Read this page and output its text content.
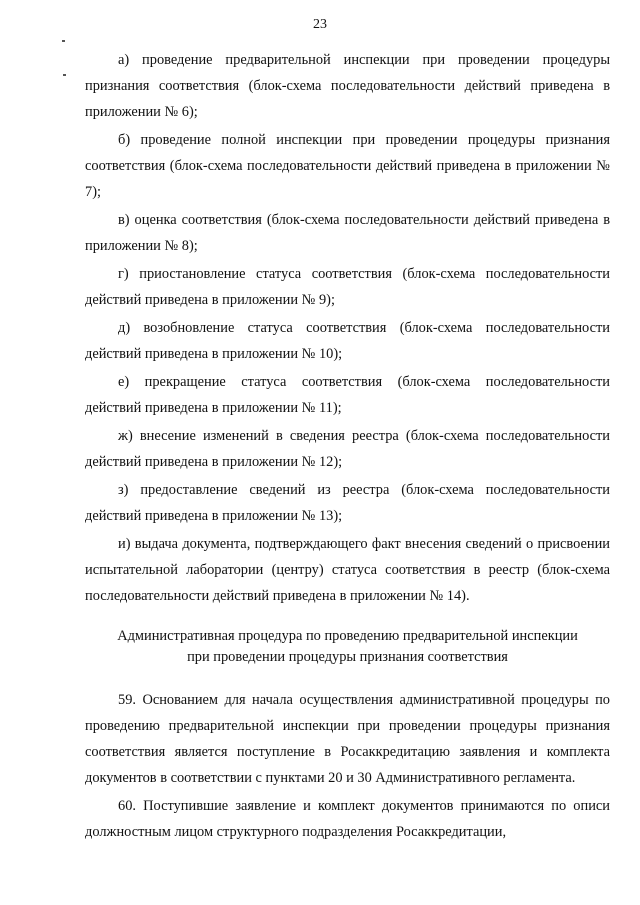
23

а) проведение предварительной инспекции при проведении процедуры признания соответствия (блок-схема последовательности действий приведена в приложении № 6);

б) проведение полной инспекции при проведении процедуры признания соответствия (блок-схема последовательности действий приведена в приложении № 7);

в) оценка соответствия (блок-схема последовательности действий приведена в приложении № 8);

г) приостановление статуса соответствия (блок-схема последовательности действий приведена в приложении № 9);

д) возобновление статуса соответствия (блок-схема последовательности действий приведена в приложении № 10);

е) прекращение статуса соответствия (блок-схема последовательности действий приведена в приложении № 11);

ж) внесение изменений в сведения реестра (блок-схема последовательности действий приведена в приложении № 12);

з) предоставление сведений из реестра (блок-схема последовательности действий приведена в приложении № 13);

и) выдача документа, подтверждающего факт внесения сведений о присвоении испытательной лаборатории (центру) статуса соответствия в реестр (блок-схема последовательности действий приведена в приложении № 14).

Административная процедура по проведению предварительной инспекции
при проведении процедуры признания соответствия

59. Основанием для начала осуществления административной процедуры по проведению предварительной инспекции при проведении процедуры признания соответствия является поступление в Росаккредитацию заявления и комплекта документов в соответствии с пунктами 20 и 30 Административного регламента.

60. Поступившие заявление и комплект документов принимаются по описи должностным лицом структурного подразделения Росаккредитации,
